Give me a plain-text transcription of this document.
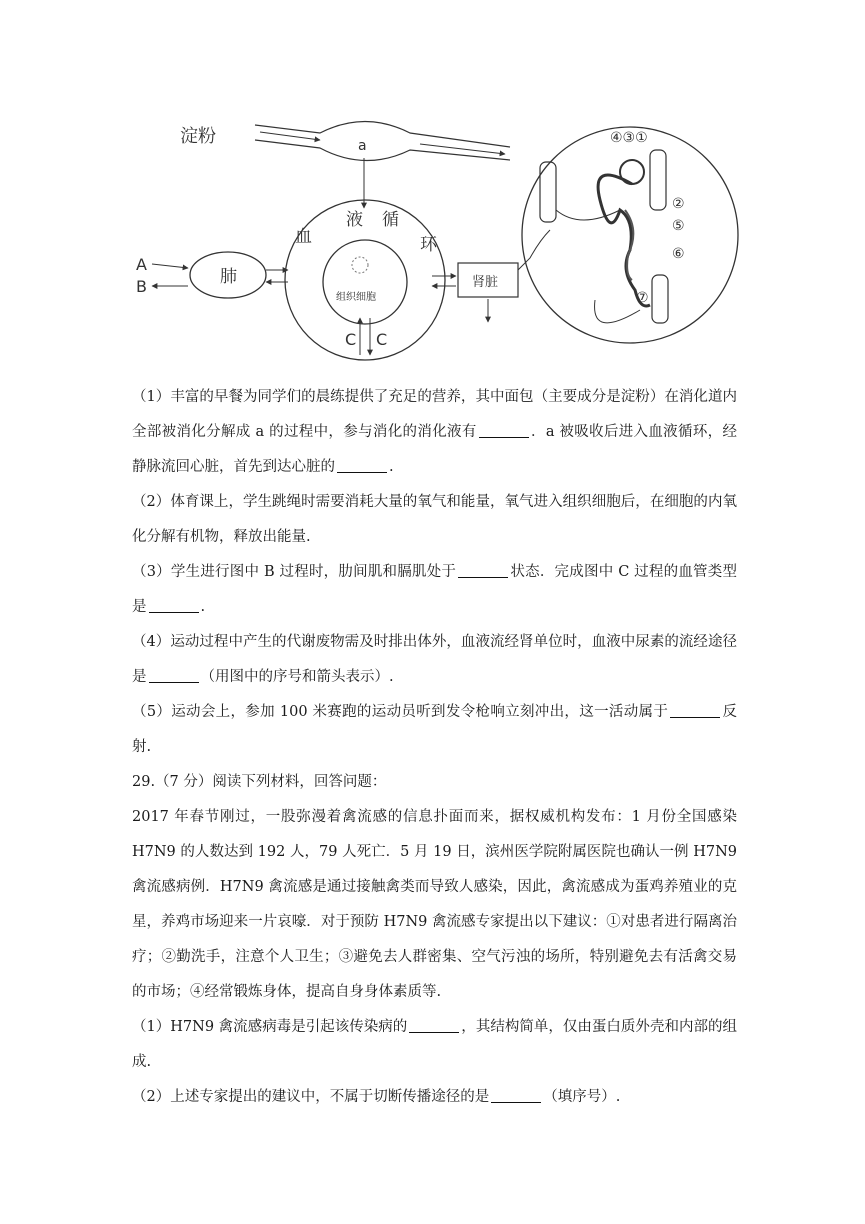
淀粉	a
血
液 循
环
组织细胞
C C
肺
A
B	肾脏
④③①
②
⑤
⑥
⑦

（1）丰富的早餐为同学们的晨练提供了充足的营养，其中面包（主要成分是淀粉）在消化道内全部被消化分解成 a 的过程中，参与消化的消化液有	．a 被吸收后进入血液循环，经静脉流回心脏，首先到达心脏的	.

（2）体育课上，学生跳绳时需要消耗大量的氧气和能量，氧气进入组织细胞后，在细胞的内氧化分解有机物，释放出能量.

（3）学生进行图中 B 过程时，肋间肌和膈肌处于	状态．完成图中 C 过程的血管类型是	.

（4）运动过程中产生的代谢废物需及时排出体外，血液流经肾单位时，血液中尿素的流经途径是	（用图中的序号和箭头表示）.

（5）运动会上，参加 100 米赛跑的运动员听到发令枪响立刻冲出，这一活动属于	反射.

29.（7 分）阅读下列材料，回答问题：

2017 年春节刚过，一股弥漫着禽流感的信息扑面而来，据权威机构发布：1 月份全国感染 H7N9 的人数达到 192 人，79 人死亡．5 月 19 日，滨州医学院附属医院也确认一例 H7N9 禽流感病例．H7N9 禽流感是通过接触禽类而导致人感染，因此，禽流感成为蛋鸡养殖业的克星，养鸡市场迎来一片哀嚎．对于预防 H7N9 禽流感专家提出以下建议：①对患者进行隔离治疗；②勤洗手，注意个人卫生；③避免去人群密集、空气污浊的场所，特别避免去有活禽交易的市场；④经常锻炼身体，提高自身身体素质等.

（1）H7N9 禽流感病毒是引起该传染病的	，其结构简单，仅由蛋白质外壳和内部的组成.

（2）上述专家提出的建议中，不属于切断传播途径的是	（填序号）.
